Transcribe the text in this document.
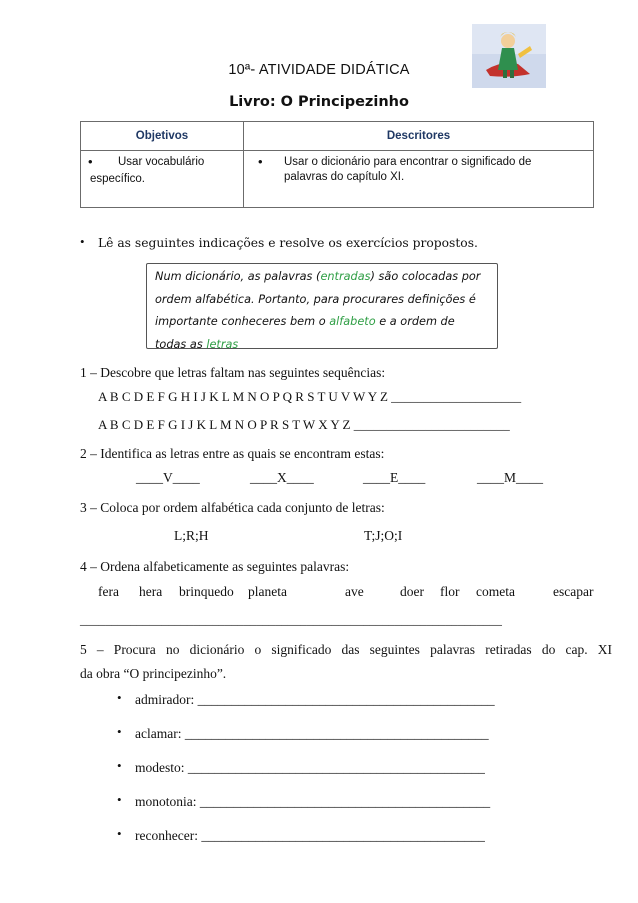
10ª- ATIVIDADE DIDÁTICA
Livro: O Principezinho
Objetivos	Descritores

• Usar vocabulário
específico.	• Usar o dicionário para encontrar o significado de
palavras do capítulo XI.
• Lê as seguintes indicações e resolve os exercícios propostos.
Num dicionário, as palavras (entradas) são colocadas por
ordem alfabética. Portanto, para procurares definições é
importante conheceres bem o alfabeto e a ordem de
todas as letras
1 – Descobre que letras faltam nas seguintes sequências:
A B C D E F G H I J K L M N O P Q R S T U V W Y Z ____________________
A B C D E F G I J K L M N O P R S T W X Y Z ________________________
2 – Identifica as letras entre as quais se encontram estas:
____V____	____X____	____E____	____M____
3 – Coloca por ordem alfabética cada conjunto de letras:
L;R;H	T;J;O;I
4 – Ordena alfabeticamente as seguintes palavras:
fera hera brinquedo planeta	ave	doer flor cometa	escapar
___________________________________________________________________
5 – Procura no dicionário o significado das seguintes palavras retiradas do cap. XI
da obra “O principezinho”.
• admirador: ____________________________________________
• aclamar: _____________________________________________
• modesto: ____________________________________________
• monotonia: ___________________________________________
• reconhecer: __________________________________________
